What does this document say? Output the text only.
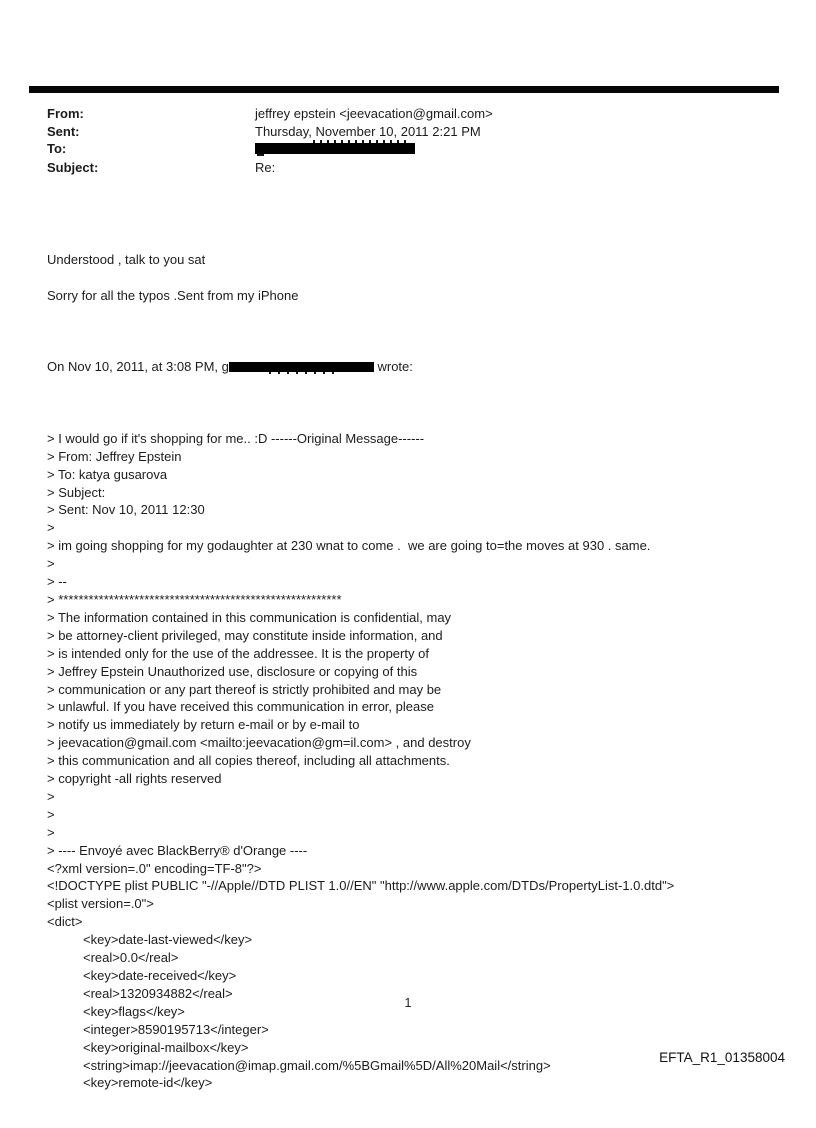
From:	jeffrey epstein <jeevacation@gmail.com>
Sent:	Thursday, November 10, 2011 2:21 PM
To:
Subject:	Re:

Understood , talk to you sat
Sorry for all the typos .Sent from my iPhone

On Nov 10, 2011, at 3:08 PM, g	wrote:

> I would go if it's shopping for me.. :D ------Original Message------
> From: Jeffrey Epstein
> To: katya gusarova
> Subject:
> Sent: Nov 10, 2011 12:30
>
> im going shopping for my godaughter at 230 wnat to come .  we are going to=the moves at 930 . same.
>
> --
> ********************************************************
> The information contained in this communication is confidential, may
> be attorney-client privileged, may constitute inside information, and
> is intended only for the use of the addressee. It is the property of
> Jeffrey Epstein Unauthorized use, disclosure or copying of this
> communication or any part thereof is strictly prohibited and may be
> unlawful. If you have received this communication in error, please
> notify us immediately by return e-mail or by e-mail to
> jeevacation@gmail.com <mailto:jeevacation@gm=il.com> , and destroy
> this communication and all copies thereof, including all attachments.
> copyright -all rights reserved
>
>
>
> ---- Envoyé avec BlackBerry® d'Orange ----
<?xml version=.0" encoding=TF-8"?>
<!DOCTYPE plist PUBLIC "-//Apple//DTD PLIST 1.0//EN" "http://www.apple.com/DTDs/PropertyList-1.0.dtd">
<plist version=.0">
<dict>
	<key>date-last-viewed</key>
	<real>0.0</real>
	<key>date-received</key>
	<real>1320934882</real>
	<key>flags</key>
	<integer>8590195713</integer>
	<key>original-mailbox</key>
	<string>imap://jeevacation@imap.gmail.com/%5BGmail%5D/All%20Mail</string>
	<key>remote-id</key>

1
EFTA_R1_01358004
